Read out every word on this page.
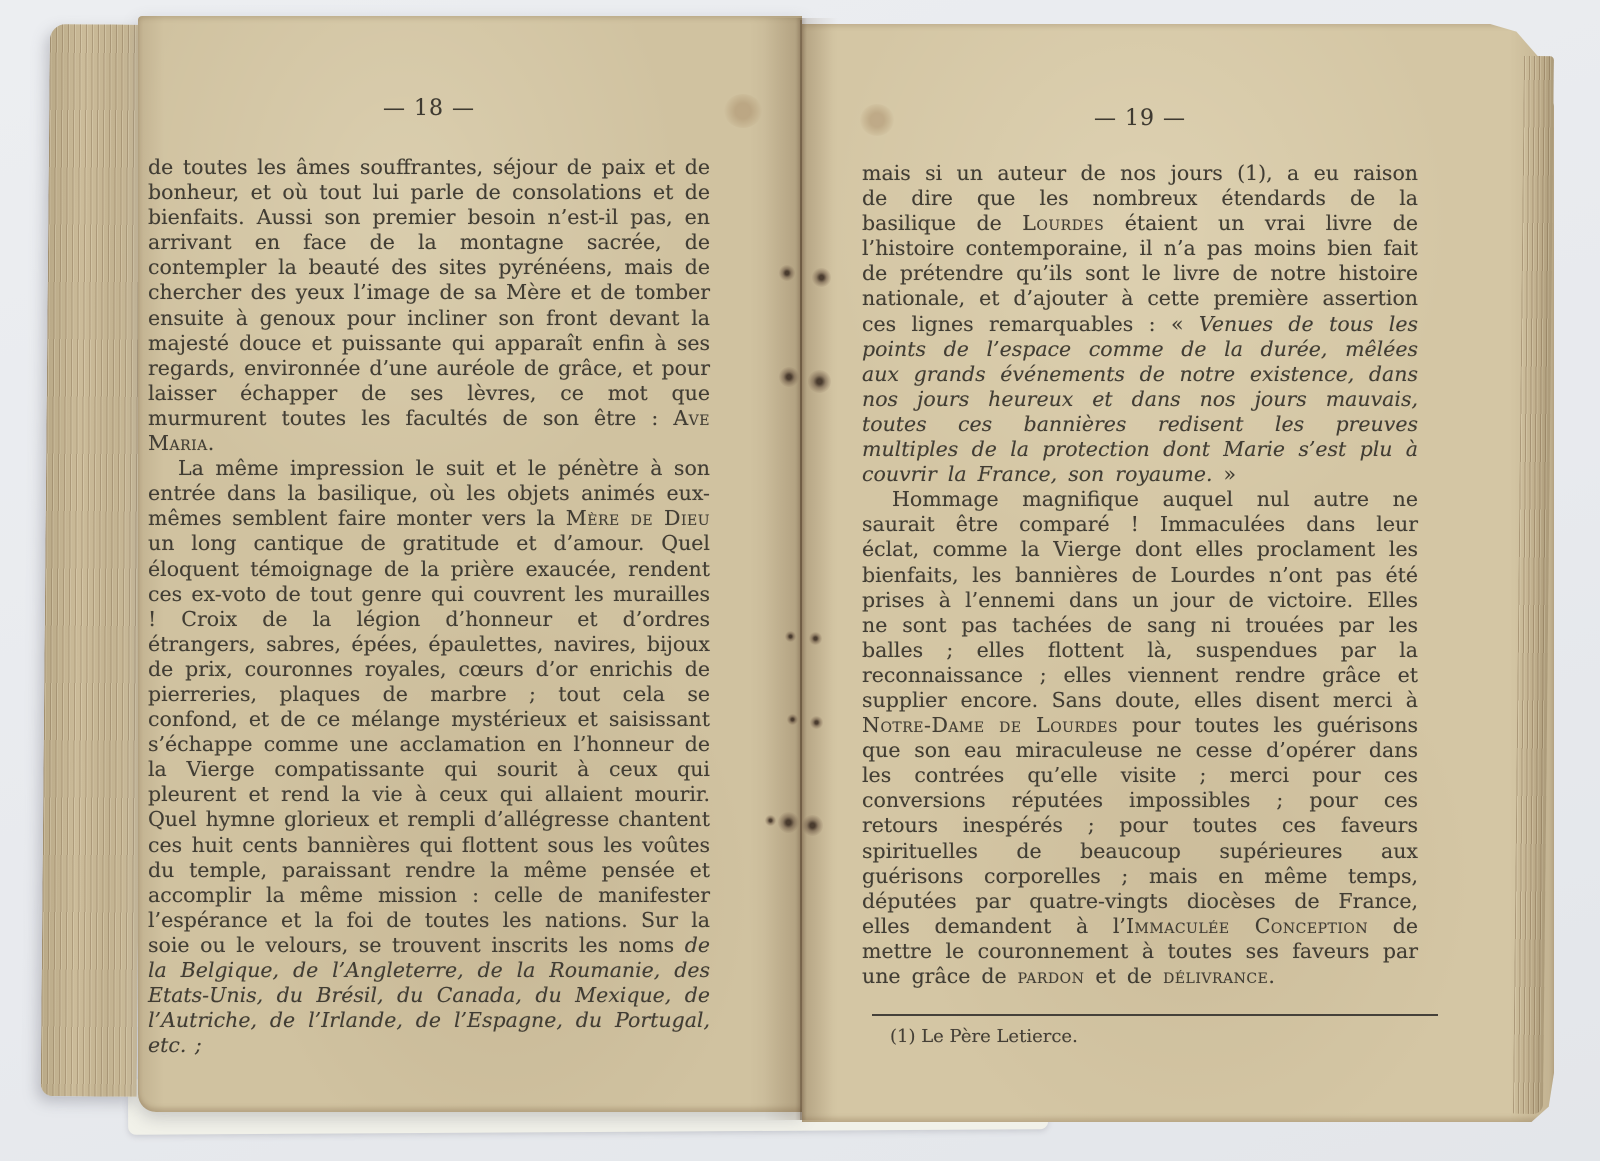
— 18 —

de toutes les âmes souffrantes, séjour de paix et de bonheur, et où tout lui parle de consolations et de bienfaits. Aussi son premier besoin n’est-il pas, en arrivant en face de la montagne sacrée, de contempler la beauté des sites pyrénéens, mais de chercher des yeux l’image de sa Mère et de tomber ensuite à genoux pour incliner son front devant la majesté douce et puissante qui apparaît enfin à ses regards, environnée d’une auréole de grâce, et pour laisser échapper de ses lèvres, ce mot que murmurent toutes les facultés de son être : Ave Maria.

La même impression le suit et le pénètre à son entrée dans la basilique, où les objets animés eux-mêmes semblent faire monter vers la Mère de Dieu un long cantique de gratitude et d’amour. Quel éloquent témoignage de la prière exaucée, rendent ces ex-voto de tout genre qui couvrent les murailles ! Croix de la légion d’honneur et d’ordres étrangers, sabres, épées, épaulettes, navires, bijoux de prix, couronnes royales, cœurs d’or enrichis de pierreries, plaques de marbre ; tout cela se confond, et de ce mélange mystérieux et saisissant s’échappe comme une acclamation en l’honneur de la Vierge compatissante qui sourit à ceux qui pleurent et rend la vie à ceux qui allaient mourir. Quel hymne glorieux et rempli d’allégresse chantent ces huit cents bannières qui flottent sous les voûtes du temple, paraissant rendre la même pensée et accomplir la même mission : celle de manifester l’espérance et la foi de toutes les nations. Sur la soie ou le velours, se trouvent inscrits les noms de la Belgique, de l’Angleterre, de la Roumanie, des Etats-Unis, du Brésil, du Canada, du Mexique, de l’Autriche, de l’Irlande, de l’Espagne, du Portugal, etc. ;

— 19 —

mais si un auteur de nos jours (1), a eu raison de dire que les nombreux étendards de la basilique de Lourdes étaient un vrai livre de l’histoire contemporaine, il n’a pas moins bien fait de prétendre qu’ils sont le livre de notre histoire nationale, et d’ajouter à cette première assertion ces lignes remarquables : « Venues de tous les points de l’espace comme de la durée, mêlées aux grands événements de notre existence, dans nos jours heureux et dans nos jours mauvais, toutes ces bannières redisent les preuves multiples de la protection dont Marie s’est plu à couvrir la France, son royaume. »

Hommage magnifique auquel nul autre ne saurait être comparé ! Immaculées dans leur éclat, comme la Vierge dont elles proclament les bienfaits, les bannières de Lourdes n’ont pas été prises à l’ennemi dans un jour de victoire. Elles ne sont pas tachées de sang ni trouées par les balles ; elles flottent là, suspendues par la reconnaissance ; elles viennent rendre grâce et supplier encore. Sans doute, elles disent merci à Notre-Dame de Lourdes pour toutes les guérisons que son eau miraculeuse ne cesse d’opérer dans les contrées qu’elle visite ; merci pour ces conversions réputées impossibles ; pour ces retours inespérés ; pour toutes ces faveurs spirituelles de beaucoup supérieures aux guérisons corporelles ; mais en même temps, députées par quatre-vingts diocèses de France, elles demandent à l’Immaculée Conception de mettre le couronnement à toutes ses faveurs par une grâce de pardon et de délivrance.

(1) Le Père Letierce.
